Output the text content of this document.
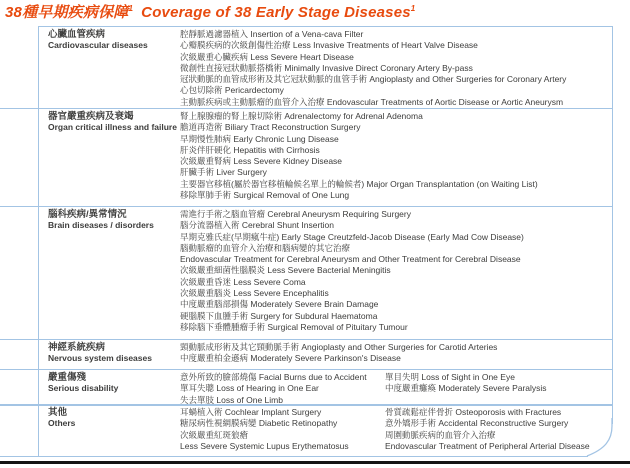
38種早期疾病保障$^1$ Coverage of 38 Early Stage Diseases$^1$
心臟血管疾病
Cardiovascular diseases
腔靜脈過濾器植入 Insertion of a Vena-cava Filter
心瓣膜疾病的次級創傷性治療 Less Invasive Treatments of Heart Valve Disease
次級嚴重心臟疾病 Less Severe Heart Disease
微創性直接冠狀動脈搭橋術 Minimally Invasive Direct Coronary Artery By-pass
冠狀動脈的血管成形術及其它冠狀動脈的血管手術 Angioplasty and Other Surgeries for Coronary Artery
心包切除術 Pericardectomy
主動脈疾病或主動脈瘤的血管介入治療 Endovascular Treatments of Aortic Disease or Aortic Aneurysm
器官嚴重疾病及衰竭
Organ critical illness and failure
腎上腺腺瘤的腎上腺切除術 Adrenalectomy for Adrenal Adenoma
膽道再造術 Biliary Tract Reconstruction Surgery
早期慢性肺病 Early Chronic Lung Disease
肝炎伴肝硬化 Hepatitis with Cirrhosis
次級嚴重腎病 Less Severe Kidney Disease
肝臟手術 Liver Surgery
主要器官移植(屬於器官移植輪候名單上的輪候者) Major Organ Transplantation (on Waiting List)
移除單肺手術 Surgical Removal of One Lung
腦科疾病/異常情況
Brain diseases / disorders
需進行手術之腦血管瘤 Cerebral Aneurysm Requiring Surgery
腦分流器植入術 Cerebral Shunt Insertion
早期克雅氏症(早期瘋牛症) Early Stage Creutzfeld-Jacob Disease (Early Mad Cow Disease)
腦動脈瘤的血管介入治療和腦病變的其它治療
Endovascular Treatment for Cerebral Aneurysm and Other Treatment for Cerebral Disease
次級嚴重細菌性腦膜炎 Less Severe Bacterial Meningitis
次級嚴重昏迷 Less Severe Coma
次級嚴重腦炎 Less Severe Encephalitis
中度嚴重腦部損傷 Moderately Severe Brain Damage
硬腦膜下血腫手術 Surgery for Subdural Haematoma
移除腦下垂體腫瘤手術 Surgical Removal of Pituitary Tumour
神經系統疾病
Nervous system diseases
頸動脈成形術及其它頸動脈手術 Angioplasty and Other Surgeries for Carotid Arteries
中度嚴重柏金遜病 Moderately Severe Parkinson's Disease
嚴重傷殘
Serious disability
意外所致的臉部燒傷 Facial Burns due to Accident
單耳失聰 Loss of Hearing in One Ear
失去單肢 Loss of One Limb
單目失明 Loss of Sight in One Eye
中度嚴重癱瘓 Moderately Severe Paralysis
其他
Others
耳蝸植入術 Cochlear Implant Surgery
糖尿病性視網膜病變 Diabetic Retinopathy
次級嚴重紅斑狼瘡
Less Severe Systemic Lupus Erythematosus
骨質疏鬆症伴骨折 Osteoporosis with Fractures
意外矯形手術 Accidental Reconstructive Surgery
周圍動脈疾病的血管介入治療
Endovascular Treatment of Peripheral Arterial Disease
